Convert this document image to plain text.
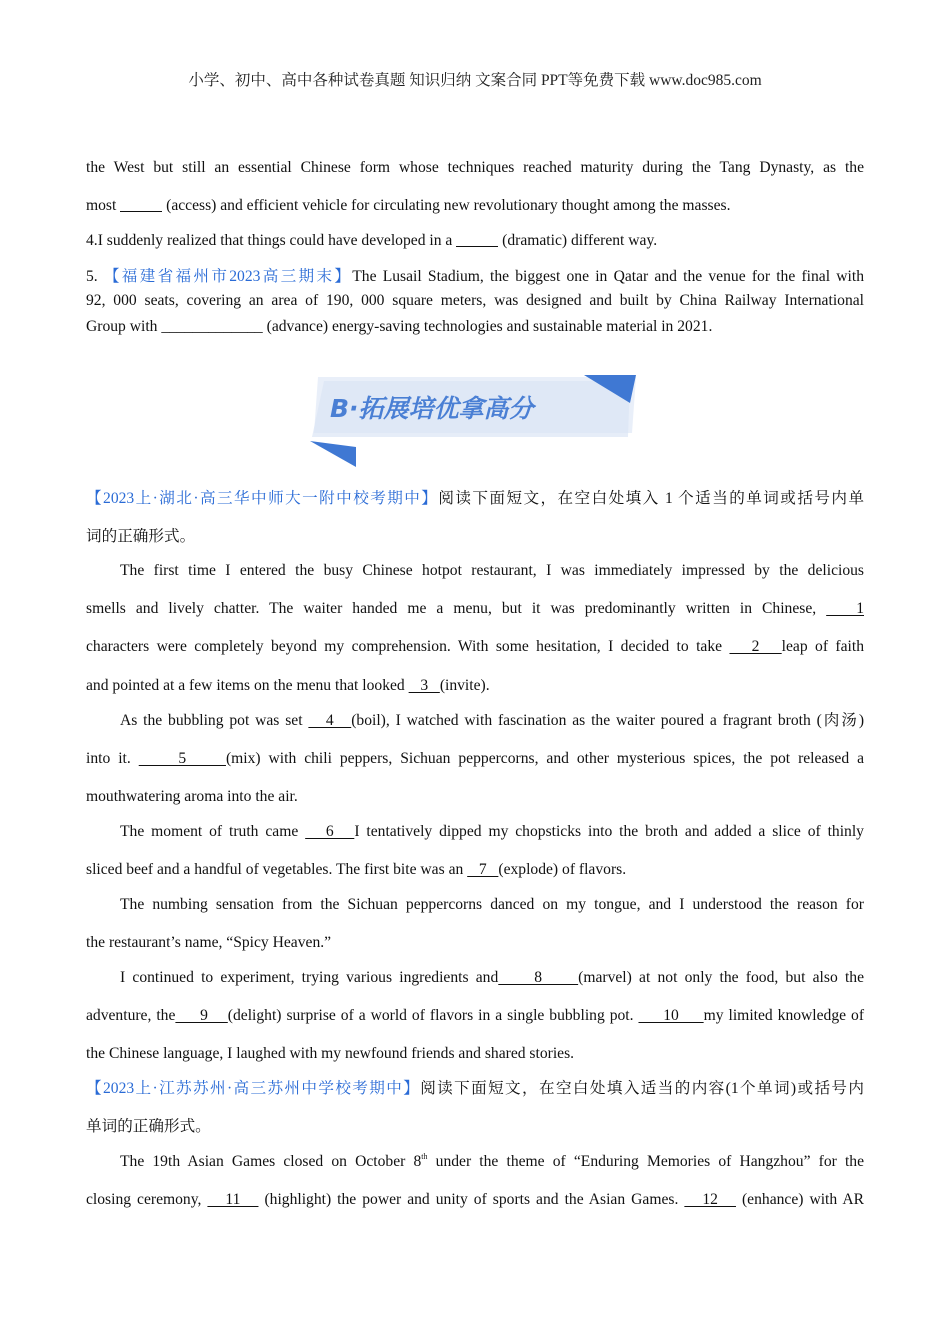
小学、初中、高中各种试卷真题 知识归纳 文案合同 PPT等免费下载 www.doc985.com
the West but still an essential Chinese form whose techniques reached maturity during the Tang Dynasty, as the
most	(access) and efficient vehicle for circulating new revolutionary thought among the masses.
4.I suddenly realized that things could have developed in a	(dramatic) different way.
5. 【福建省福州市2023高三期末】The Lusail Stadium, the biggest one in Qatar and the venue for the final with
92, 000 seats, covering an area of 190, 000 square meters, was designed and built by China Railway International
Group with _____________ (advance) energy-saving technologies and sustainable material in 2021.
B·拓展培优拿高分
【2023上·湖北·高三华中师大一附中校考期中】阅读下面短文，在空白处填入 1 个适当的单词或括号内单
词的正确形式。
The first time I entered the busy Chinese hotpot restaurant, I was immediately impressed by the delicious
smells and lively chatter. The waiter handed me a menu, but it was predominantly written in Chinese,    1
characters were completely beyond my comprehension. With some hesitation, I decided to take    2   leap of faith
and pointed at a few items on the menu that looked    3   (invite).
As the bubbling pot was set    4   (boil), I watched with fascination as the waiter poured a fragrant broth (肉汤)
into it.      5     (mix) with chili peppers, Sichuan peppercorns, and other mysterious spices, the pot released a
mouthwatering aroma into the air.
The moment of truth came    6   I tentatively dipped my chopsticks into the broth and added a slice of thinly
sliced beef and a handful of vegetables. The first bite was an    7   (explode) of flavors.
The numbing sensation from the Sichuan peppercorns danced on my tongue, and I understood the reason for
the restaurant’s name, “Spicy Heaven.”
I continued to experiment, trying various ingredients and     8     (marvel) at not only the food, but also the
adventure, the     9    (delight) surprise of a world of flavors in a single bubbling pot.      10     my limited knowledge of
the Chinese language, I laughed with my newfound friends and shared stories.
【2023上·江苏苏州·高三苏州中学校考期中】阅读下面短文，在空白处填入适当的内容(1个单词)或括号内
单词的正确形式。
The 19th Asian Games closed on October 8th under the theme of “Enduring Memories of Hangzhou” for the
closing ceremony,    11    (highlight) the power and unity of sports and the Asian Games.    12    (enhance) with AR
